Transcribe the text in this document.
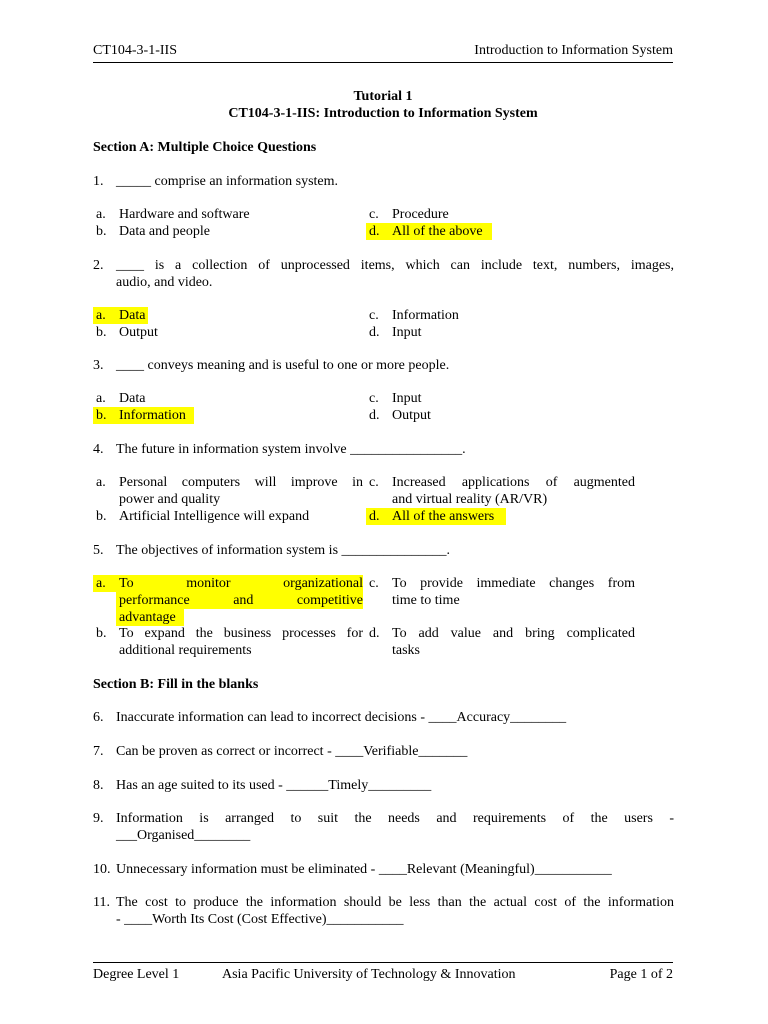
CT104-3-1-IIS	Introduction to Information System
Tutorial 1
CT104-3-1-IIS: Introduction to Information System
Section A: Multiple Choice Questions
1. _____ comprise an information system.
a. Hardware and software
b. Data and people
c. Procedure
d. All of the above
2. ____ is a collection of unprocessed items, which can include text, numbers, images,
audio, and video.
a. Data
b. Output
c. Information
d. Input
3. ____ conveys meaning and is useful to one or more people.
a. Data
b. Information
c. Input
d. Output
4. The future in information system involve ________________.
a. Personal computers will improve in
power and quality
b. Artificial Intelligence will expand
c. Increased applications of augmented
and virtual reality (AR/VR)
d. All of the answers
5. The objectives of information system is _______________.
a. To	monitor	organizational
performance	and	competitive
advantage
b. To expand the business processes for
additional requirements
c. To provide immediate changes from
time to time
d. To add value and bring complicated
tasks
Section B: Fill in the blanks
6. Inaccurate information can lead to incorrect decisions - ____Accuracy________
7. Can be proven as correct or incorrect - ____Verifiable_______
8. Has an age suited to its used - ______Timely_________
9. Information is arranged to suit the needs and requirements of the users -
___Organised________
10. Unnecessary information must be eliminated - ____Relevant (Meaningful)___________
11. The cost to produce the information should be less than the actual cost of the information
- ____Worth Its Cost (Cost Effective)___________
Degree Level 1	Asia Pacific University of Technology & Innovation	Page 1 of 2
